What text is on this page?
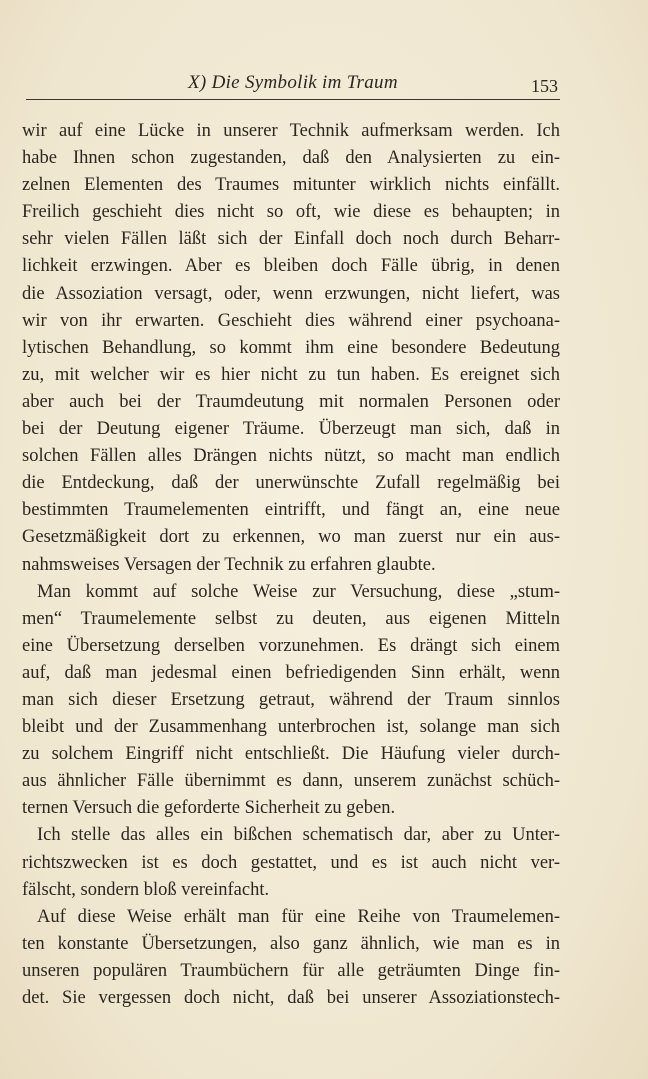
X) Die Symbolik im Traum	153
wir auf eine Lücke in unserer Technik aufmerksam werden. Ich
habe Ihnen schon zugestanden, daß den Analysierten zu ein-
zelnen Elementen des Traumes mitunter wirklich nichts einfällt.
Freilich geschieht dies nicht so oft, wie diese es behaupten; in
sehr vielen Fällen läßt sich der Einfall doch noch durch Beharr-
lichkeit erzwingen. Aber es bleiben doch Fälle übrig, in denen
die Assoziation versagt, oder, wenn erzwungen, nicht liefert, was
wir von ihr erwarten. Geschieht dies während einer psychoana-
lytischen Behandlung, so kommt ihm eine besondere Bedeutung
zu, mit welcher wir es hier nicht zu tun haben. Es ereignet sich
aber auch bei der Traumdeutung mit normalen Personen oder
bei der Deutung eigener Träume. Überzeugt man sich, daß in
solchen Fällen alles Drängen nichts nützt, so macht man endlich
die Entdeckung, daß der unerwünschte Zufall regelmäßig bei
bestimmten Traumelementen eintrifft, und fängt an, eine neue
Gesetzmäßigkeit dort zu erkennen, wo man zuerst nur ein aus-
nahmsweises Versagen der Technik zu erfahren glaubte.
Man kommt auf solche Weise zur Versuchung, diese „stum-
men“ Traumelemente selbst zu deuten, aus eigenen Mitteln
eine Übersetzung derselben vorzunehmen. Es drängt sich einem
auf, daß man jedesmal einen befriedigenden Sinn erhält, wenn
man sich dieser Ersetzung getraut, während der Traum sinnlos
bleibt und der Zusammenhang unterbrochen ist, solange man sich
zu solchem Eingriff nicht entschließt. Die Häufung vieler durch-
aus ähnlicher Fälle übernimmt es dann, unserem zunächst schüch-
ternen Versuch die geforderte Sicherheit zu geben.
Ich stelle das alles ein bißchen schematisch dar, aber zu Unter-
richtszwecken ist es doch gestattet, und es ist auch nicht ver-
fälscht, sondern bloß vereinfacht.
Auf diese Weise erhält man für eine Reihe von Traumelemen-
ten konstante Übersetzungen, also ganz ähnlich, wie man es in
unseren populären Traumbüchern für alle geträumten Dinge fin-
det. Sie vergessen doch nicht, daß bei unserer Assoziationstech-
